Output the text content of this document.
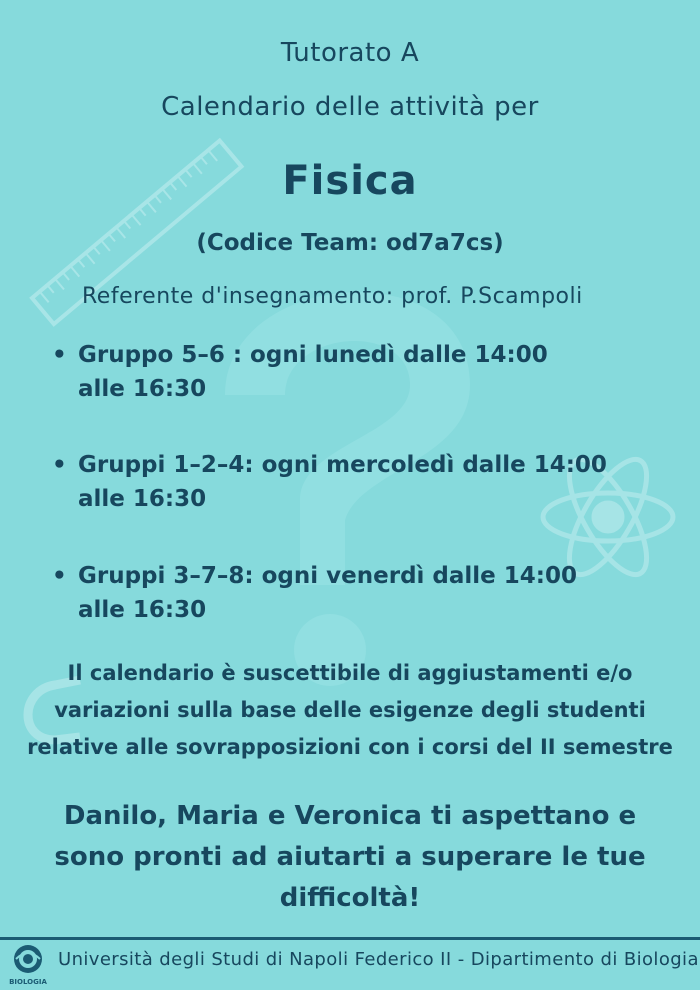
Tutorato A
Calendario delle attività per
Fisica
(Codice Team: od7a7cs)
Referente d'insegnamento: prof. P.Scampoli
• Gruppo 5–6 : ogni lunedì dalle 14:00
alle 16:30
• Gruppi 1–2–4: ogni mercoledì dalle 14:00
alle 16:30
• Gruppi 3–7–8: ogni venerdì dalle 14:00
alle 16:30
Il calendario è suscettibile di aggiustamenti e/o
variazioni sulla base delle esigenze degli studenti
relative alle sovrapposizioni con i corsi del II semestre
Danilo, Maria e Veronica ti aspettano e
sono pronti ad aiutarti a superare le tue
difficoltà!
BIOLOGIA
Università degli Studi di Napoli Federico II - Dipartimento di Biologia
